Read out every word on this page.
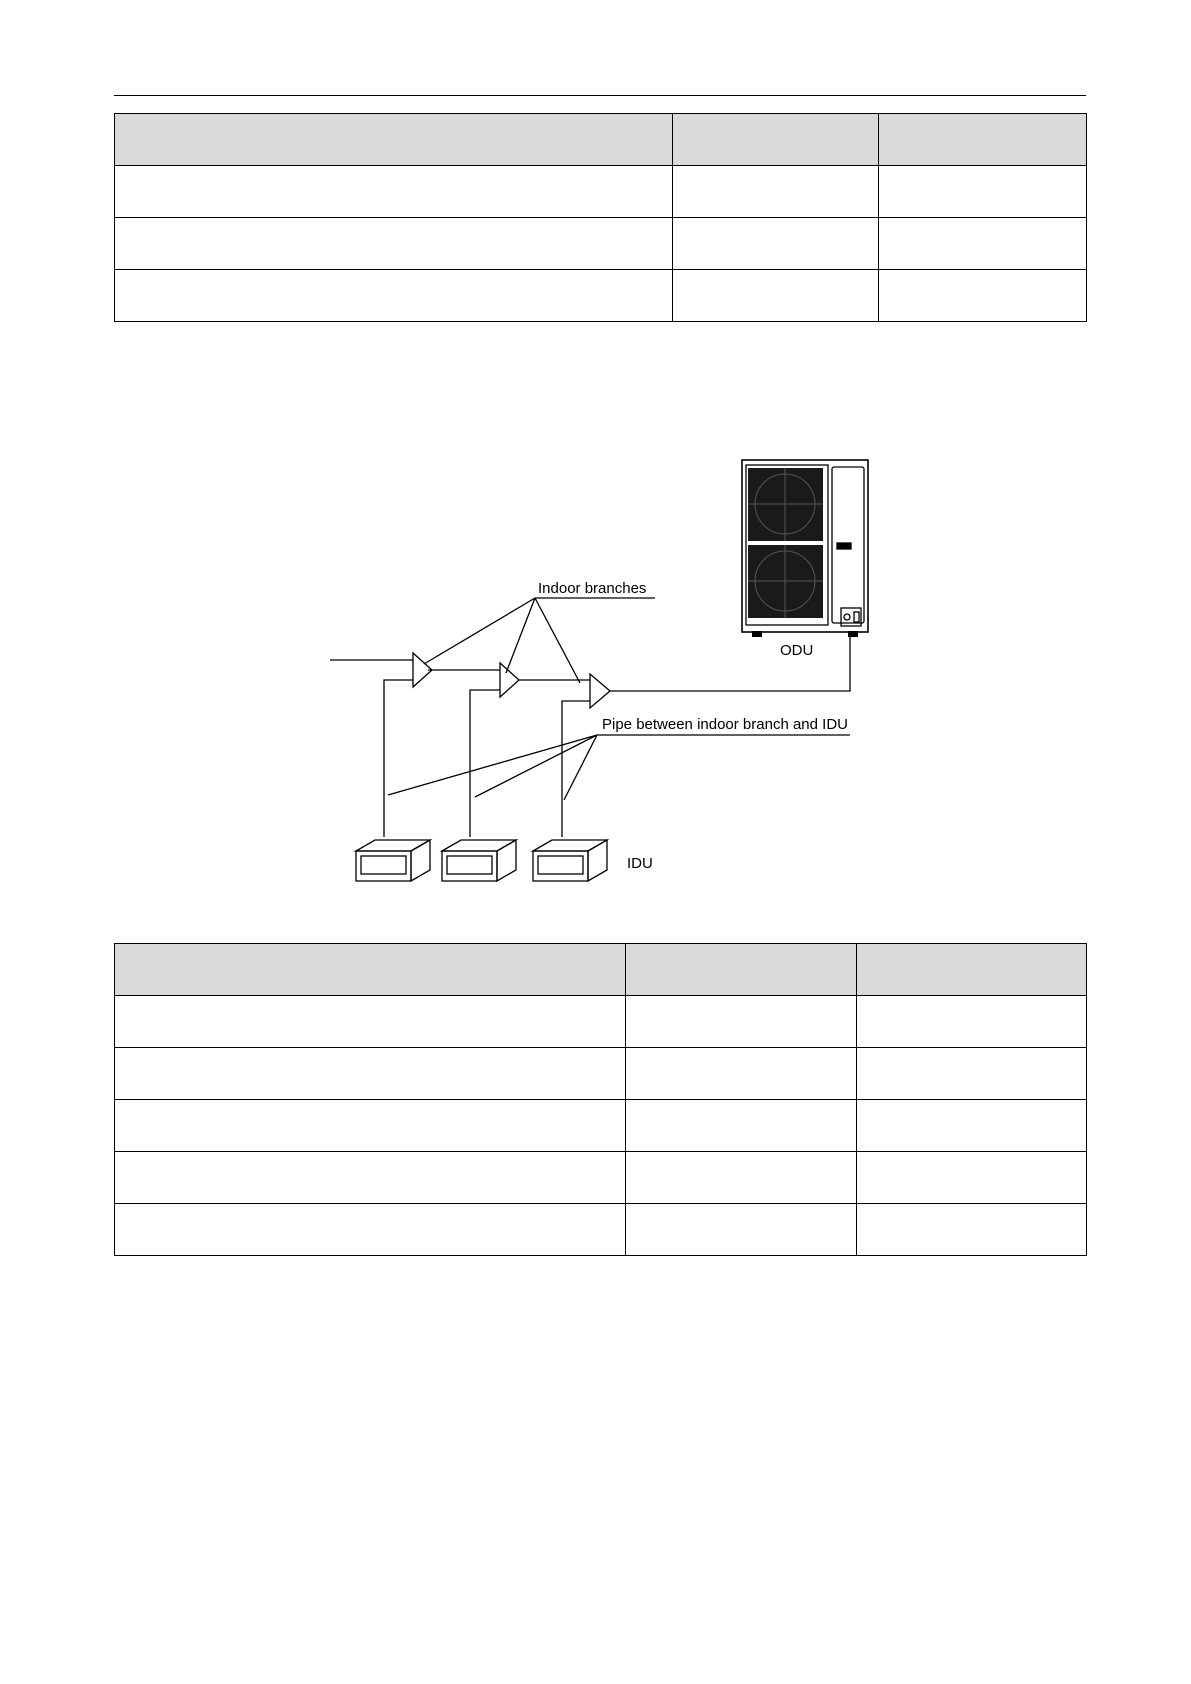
Indoor branches
ODU
Pipe between indoor branch and IDU
IDU
